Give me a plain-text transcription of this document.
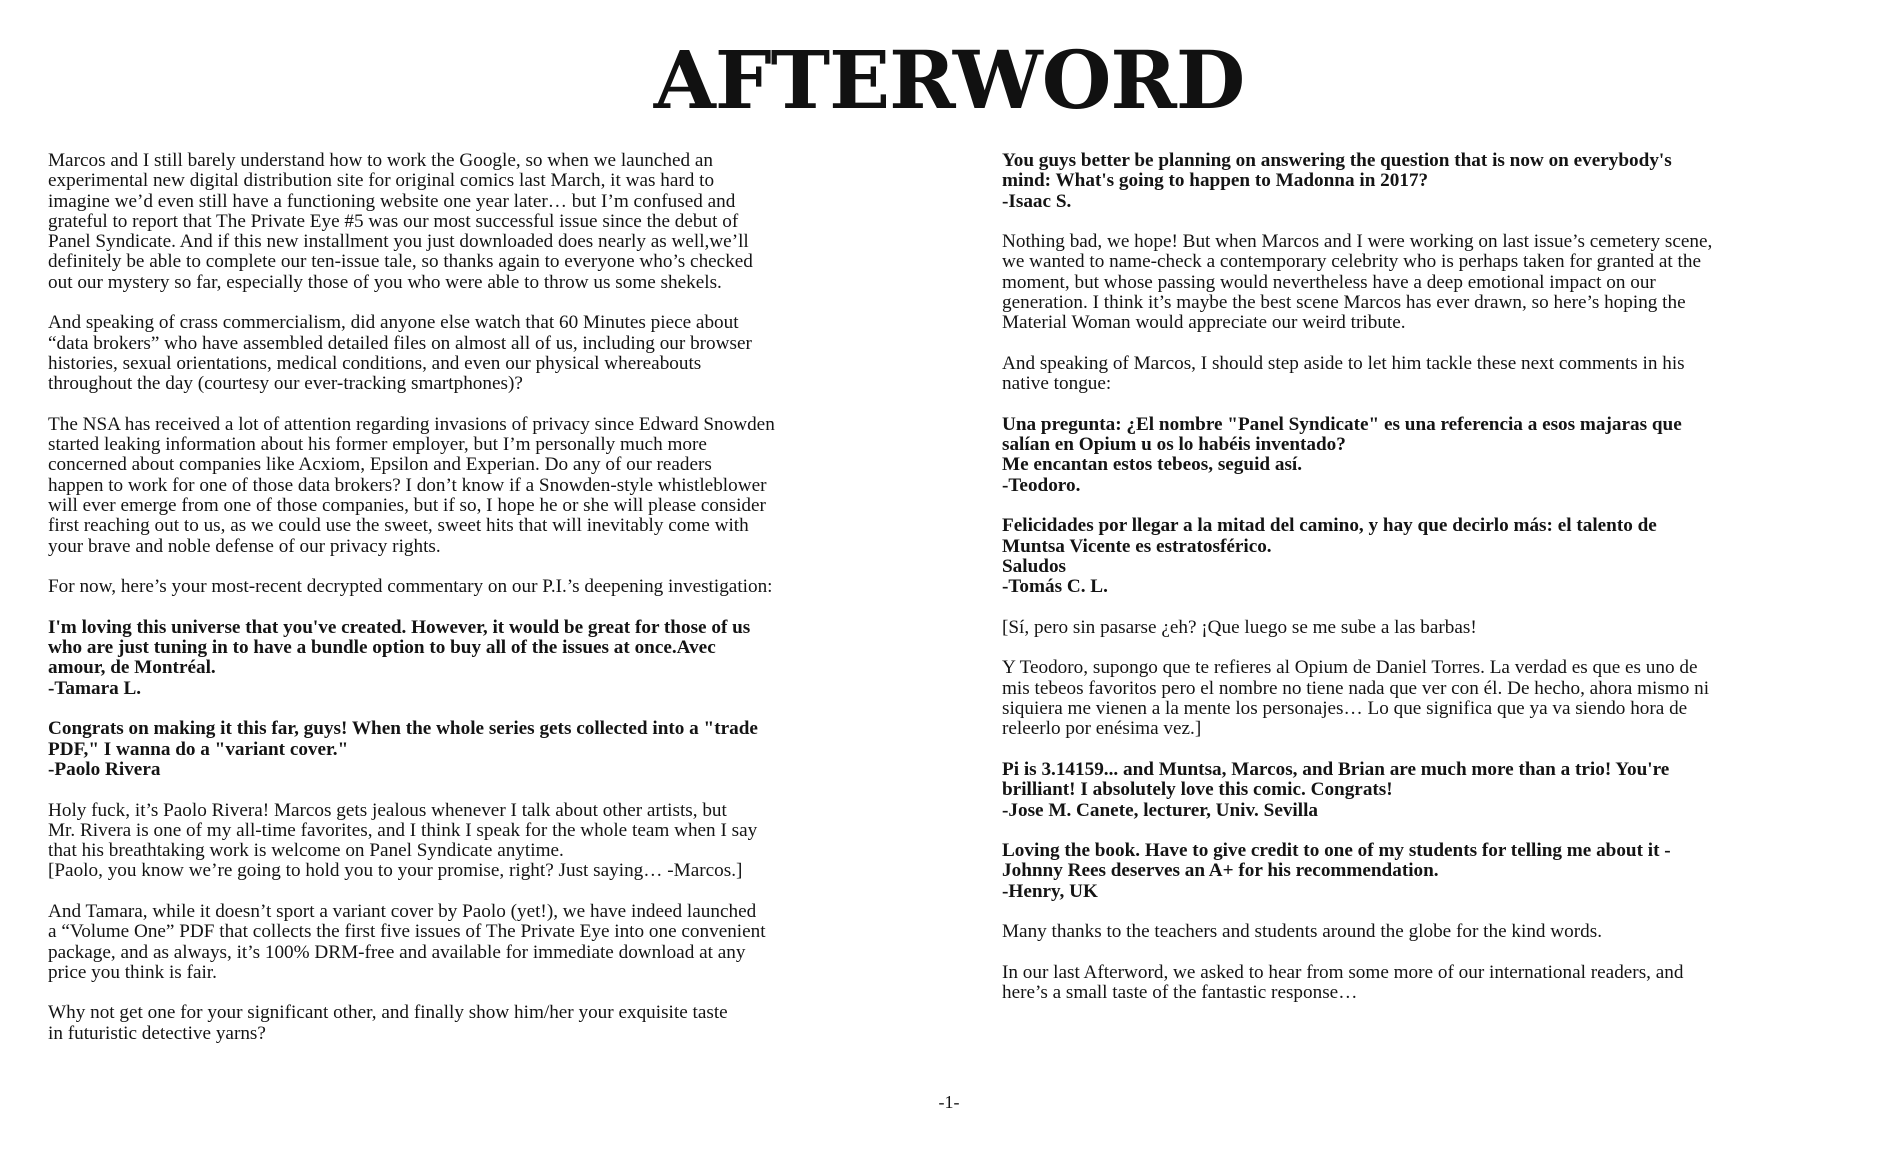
AFTERWORD

Marcos and I still barely understand how to work the Google, so when we launched an
experimental new digital distribution site for original comics last March, it was hard to
imagine we’d even still have a functioning website one year later… but I’m confused and
grateful to report that The Private Eye #5 was our most successful issue since the debut of
Panel Syndicate. And if this new installment you just downloaded does nearly as well,we’ll
definitely be able to complete our ten-issue tale, so thanks again to everyone who’s checked
out our mystery so far, especially those of you who were able to throw us some shekels.

And speaking of crass commercialism, did anyone else watch that 60 Minutes piece about
“data brokers” who have assembled detailed files on almost all of us, including our browser
histories, sexual orientations, medical conditions, and even our physical whereabouts
throughout the day (courtesy our ever-tracking smartphones)?

The NSA has received a lot of attention regarding invasions of privacy since Edward Snowden
started leaking information about his former employer, but I’m personally much more
concerned about companies like Acxiom, Epsilon and Experian. Do any of our readers
happen to work for one of those data brokers? I don’t know if a Snowden-style whistleblower
will ever emerge from one of those companies, but if so, I hope he or she will please consider
first reaching out to us, as we could use the sweet, sweet hits that will inevitably come with
your brave and noble defense of our privacy rights.

For now, here’s your most-recent decrypted commentary on our P.I.’s deepening investigation:

I'm loving this universe that you've created. However, it would be great for those of us
who are just tuning in to have a bundle option to buy all of the issues at once.Avec
amour, de Montréal.
-Tamara L.

Congrats on making it this far, guys! When the whole series gets collected into a "trade
PDF," I wanna do a "variant cover."
-Paolo Rivera

Holy fuck, it’s Paolo Rivera! Marcos gets jealous whenever I talk about other artists, but
Mr. Rivera is one of my all-time favorites, and I think I speak for the whole team when I say
that his breathtaking work is welcome on Panel Syndicate anytime.
[Paolo, you know we’re going to hold you to your promise, right? Just saying… -Marcos.]

And Tamara, while it doesn’t sport a variant cover by Paolo (yet!), we have indeed launched
a “Volume One” PDF that collects the first five issues of The Private Eye into one convenient
package, and as always, it’s 100% DRM-free and available for immediate download at any
price you think is fair.

Why not get one for your significant other, and finally show him/her your exquisite taste
in futuristic detective yarns?

You guys better be planning on answering the question that is now on everybody's
mind: What's going to happen to Madonna in 2017?
-Isaac S.

Nothing bad, we hope! But when Marcos and I were working on last issue’s cemetery scene,
we wanted to name-check a contemporary celebrity who is perhaps taken for granted at the
moment, but whose passing would nevertheless have a deep emotional impact on our
generation. I think it’s maybe the best scene Marcos has ever drawn, so here’s hoping the
Material Woman would appreciate our weird tribute.

And speaking of Marcos, I should step aside to let him tackle these next comments in his
native tongue:

Una pregunta: ¿El nombre "Panel Syndicate" es una referencia a esos majaras que
salían en Opium u os lo habéis inventado?
Me encantan estos tebeos, seguid así.
-Teodoro.

Felicidades por llegar a la mitad del camino, y hay que decirlo más: el talento de
Muntsa Vicente es estratosférico.
Saludos
-Tomás C. L.

[Sí, pero sin pasarse ¿eh? ¡Que luego se me sube a las barbas!

Y Teodoro, supongo que te refieres al Opium de Daniel Torres. La verdad es que es uno de
mis tebeos favoritos pero el nombre no tiene nada que ver con él. De hecho, ahora mismo ni
siquiera me vienen a la mente los personajes… Lo que significa que ya va siendo hora de
releerlo por enésima vez.]

Pi is 3.14159... and Muntsa, Marcos, and Brian are much more than a trio! You're
brilliant! I absolutely love this comic. Congrats!
-Jose M. Canete, lecturer, Univ. Sevilla

Loving the book. Have to give credit to one of my students for telling me about it -
Johnny Rees deserves an A+ for his recommendation.
-Henry, UK

Many thanks to the teachers and students around the globe for the kind words.

In our last Afterword, we asked to hear from some more of our international readers, and
here’s a small taste of the fantastic response…

-1-
